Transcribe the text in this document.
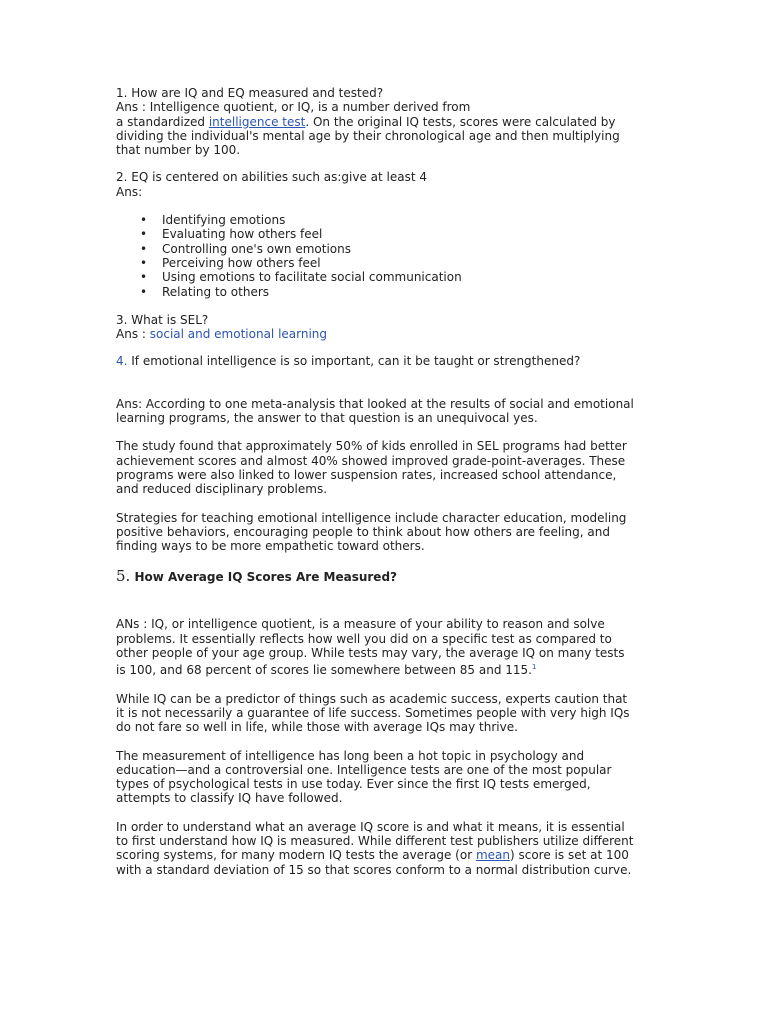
1. How are IQ and EQ measured and tested?

Ans : Intelligence quotient, or IQ, is a number derived from

a standardized intelligence test. On the original IQ tests, scores were calculated by dividing the individual's mental age by their chronological age and then multiplying that number by 100.

2. EQ is centered on abilities such as:give at least 4

Ans:

• Identifying emotions
• Evaluating how others feel
• Controlling one's own emotions
• Perceiving how others feel
• Using emotions to facilitate social communication
• Relating to others

3. What is SEL?

Ans : social and emotional learning

4. If emotional intelligence is so important, can it be taught or strengthened?

Ans: According to one meta-analysis that looked at the results of social and emotional learning programs, the answer to that question is an unequivocal yes.

The study found that approximately 50% of kids enrolled in SEL programs had better achievement scores and almost 40% showed improved grade-point-averages. These programs were also linked to lower suspension rates, increased school attendance, and reduced disciplinary problems.

Strategies for teaching emotional intelligence include character education, modeling positive behaviors, encouraging people to think about how others are feeling, and finding ways to be more empathetic toward others.

5. How Average IQ Scores Are Measured?

ANs : IQ, or intelligence quotient, is a measure of your ability to reason and solve problems. It essentially reflects how well you did on a specific test as compared to other people of your age group. While tests may vary, the average IQ on many tests is 100, and 68 percent of scores lie somewhere between 85 and 115.$^1$

While IQ can be a predictor of things such as academic success, experts caution that it is not necessarily a guarantee of life success. Sometimes people with very high IQs do not fare so well in life, while those with average IQs may thrive.

The measurement of intelligence has long been a hot topic in psychology and education—and a controversial one. Intelligence tests are one of the most popular types of psychological tests in use today. Ever since the first IQ tests emerged, attempts to classify IQ have followed.

In order to understand what an average IQ score is and what it means, it is essential to first understand how IQ is measured. While different test publishers utilize different scoring systems, for many modern IQ tests the average (or mean) score is set at 100 with a standard deviation of 15 so that scores conform to a normal distribution curve.
